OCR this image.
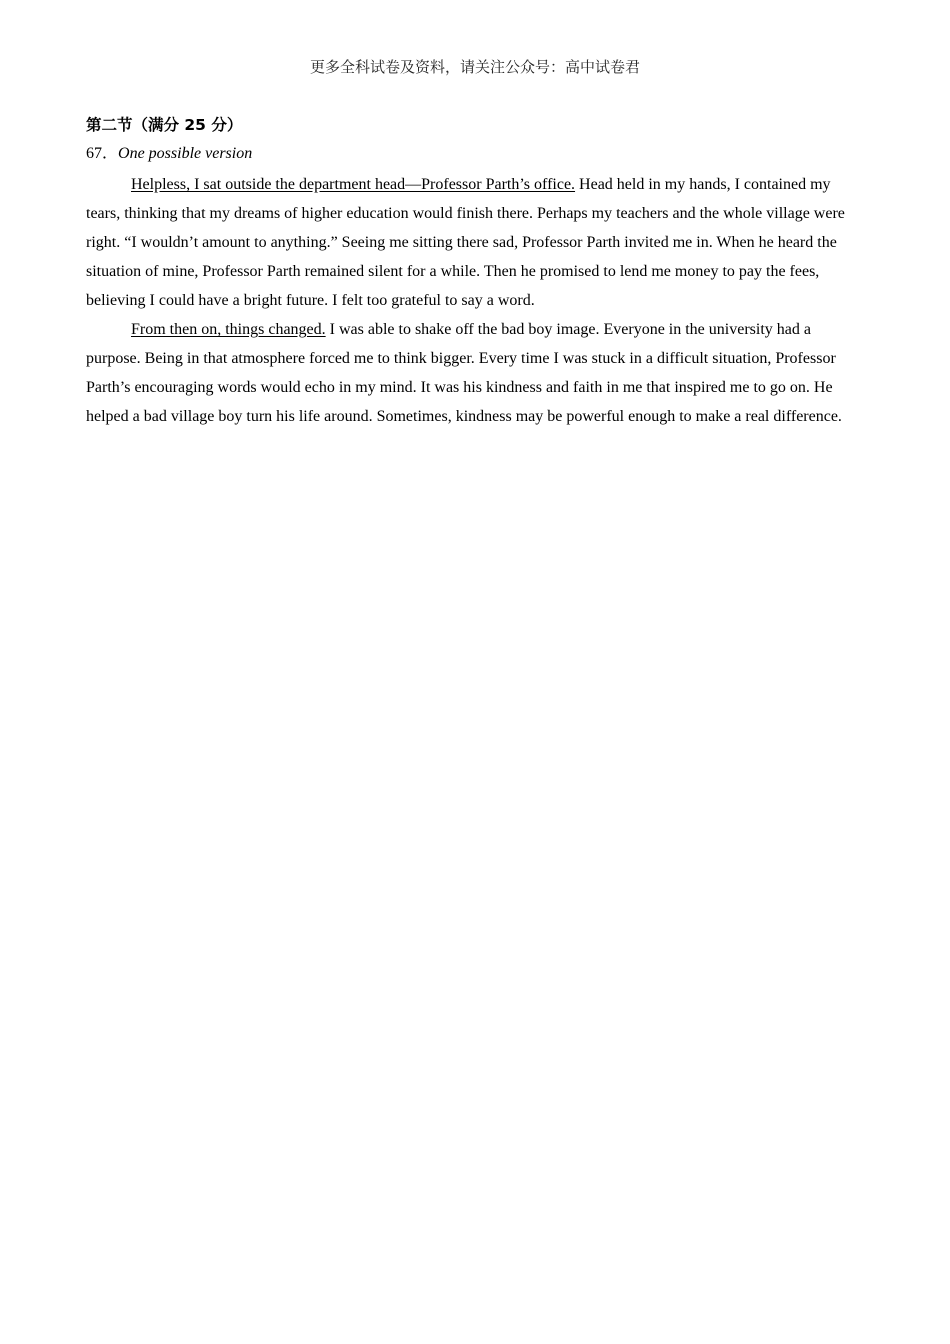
更多全科试卷及资料，请关注公众号：高中试卷君
第二节（满分 25 分）
67．One possible version

Helpless, I sat outside the department head—Professor Parth’s office. Head held in my hands, I contained my tears, thinking that my dreams of higher education would finish there. Perhaps my teachers and the whole village were right. “I wouldn’t amount to anything.” Seeing me sitting there sad, Professor Parth invited me in. When he heard the situation of mine, Professor Parth remained silent for a while. Then he promised to lend me money to pay the fees, believing I could have a bright future. I felt too grateful to say a word.

From then on, things changed. I was able to shake off the bad boy image. Everyone in the university had a purpose. Being in that atmosphere forced me to think bigger. Every time I was stuck in a difficult situation, Professor Parth’s encouraging words would echo in my mind. It was his kindness and faith in me that inspired me to go on. He helped a bad village boy turn his life around. Sometimes, kindness may be powerful enough to make a real difference.
